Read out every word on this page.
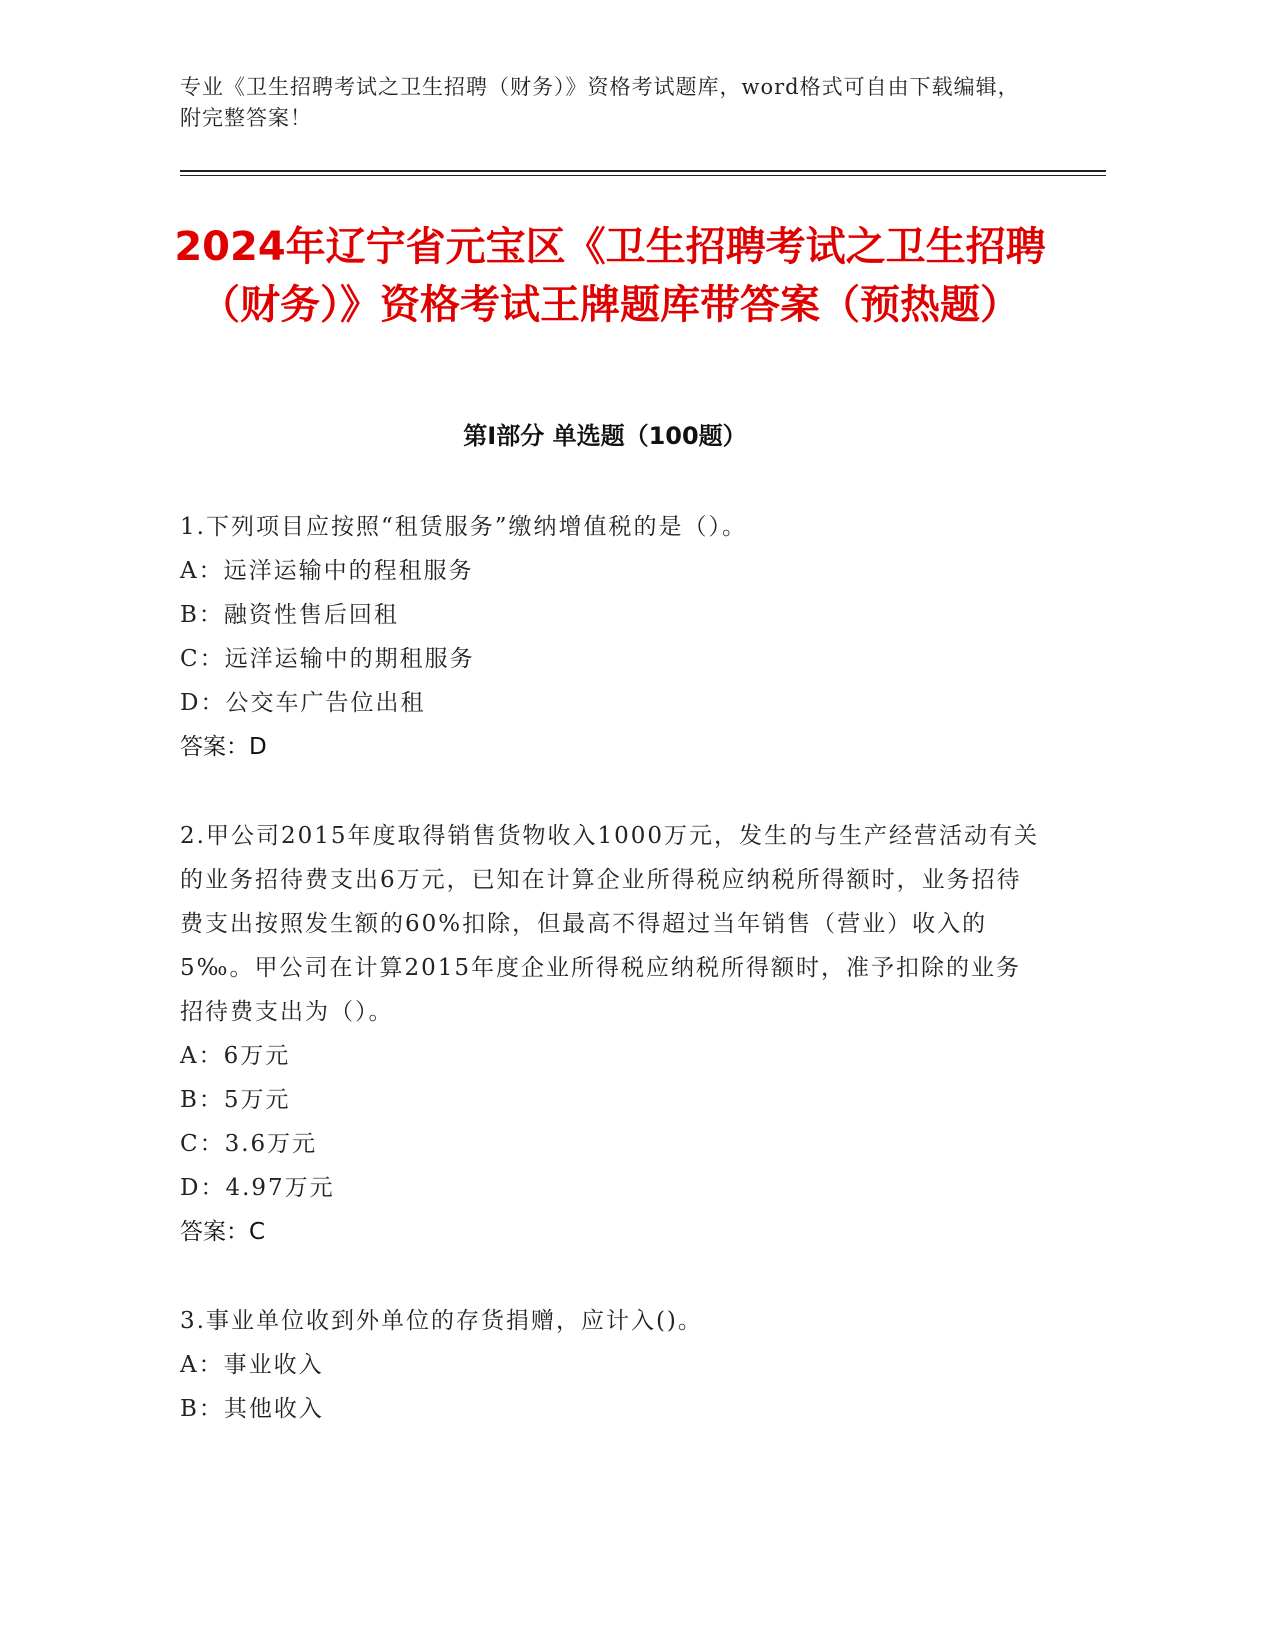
专业《卫生招聘考试之卫生招聘（财务）》资格考试题库，word格式可自由下载编辑，附完整答案！
2024年辽宁省元宝区《卫生招聘考试之卫生招聘（财务）》资格考试王牌题库带答案（预热题）
第I部分 单选题（100题）
1.下列项目应按照“租赁服务”缴纳增值税的是（）。
A：远洋运输中的程租服务
B：融资性售后回租
C：远洋运输中的期租服务
D：公交车广告位出租
答案：D
2.甲公司2015年度取得销售货物收入1000万元，发生的与生产经营活动有关的业务招待费支出6万元，已知在计算企业所得税应纳税所得额时，业务招待费支出按照发生额的60%扣除，但最高不得超过当年销售（营业）收入的5‰。甲公司在计算2015年度企业所得税应纳税所得额时，准予扣除的业务招待费支出为（）。
A：6万元
B：5万元
C：3.6万元
D：4.97万元
答案：C
3.事业单位收到外单位的存货捐赠，应计入()。
A：事业收入
B：其他收入
